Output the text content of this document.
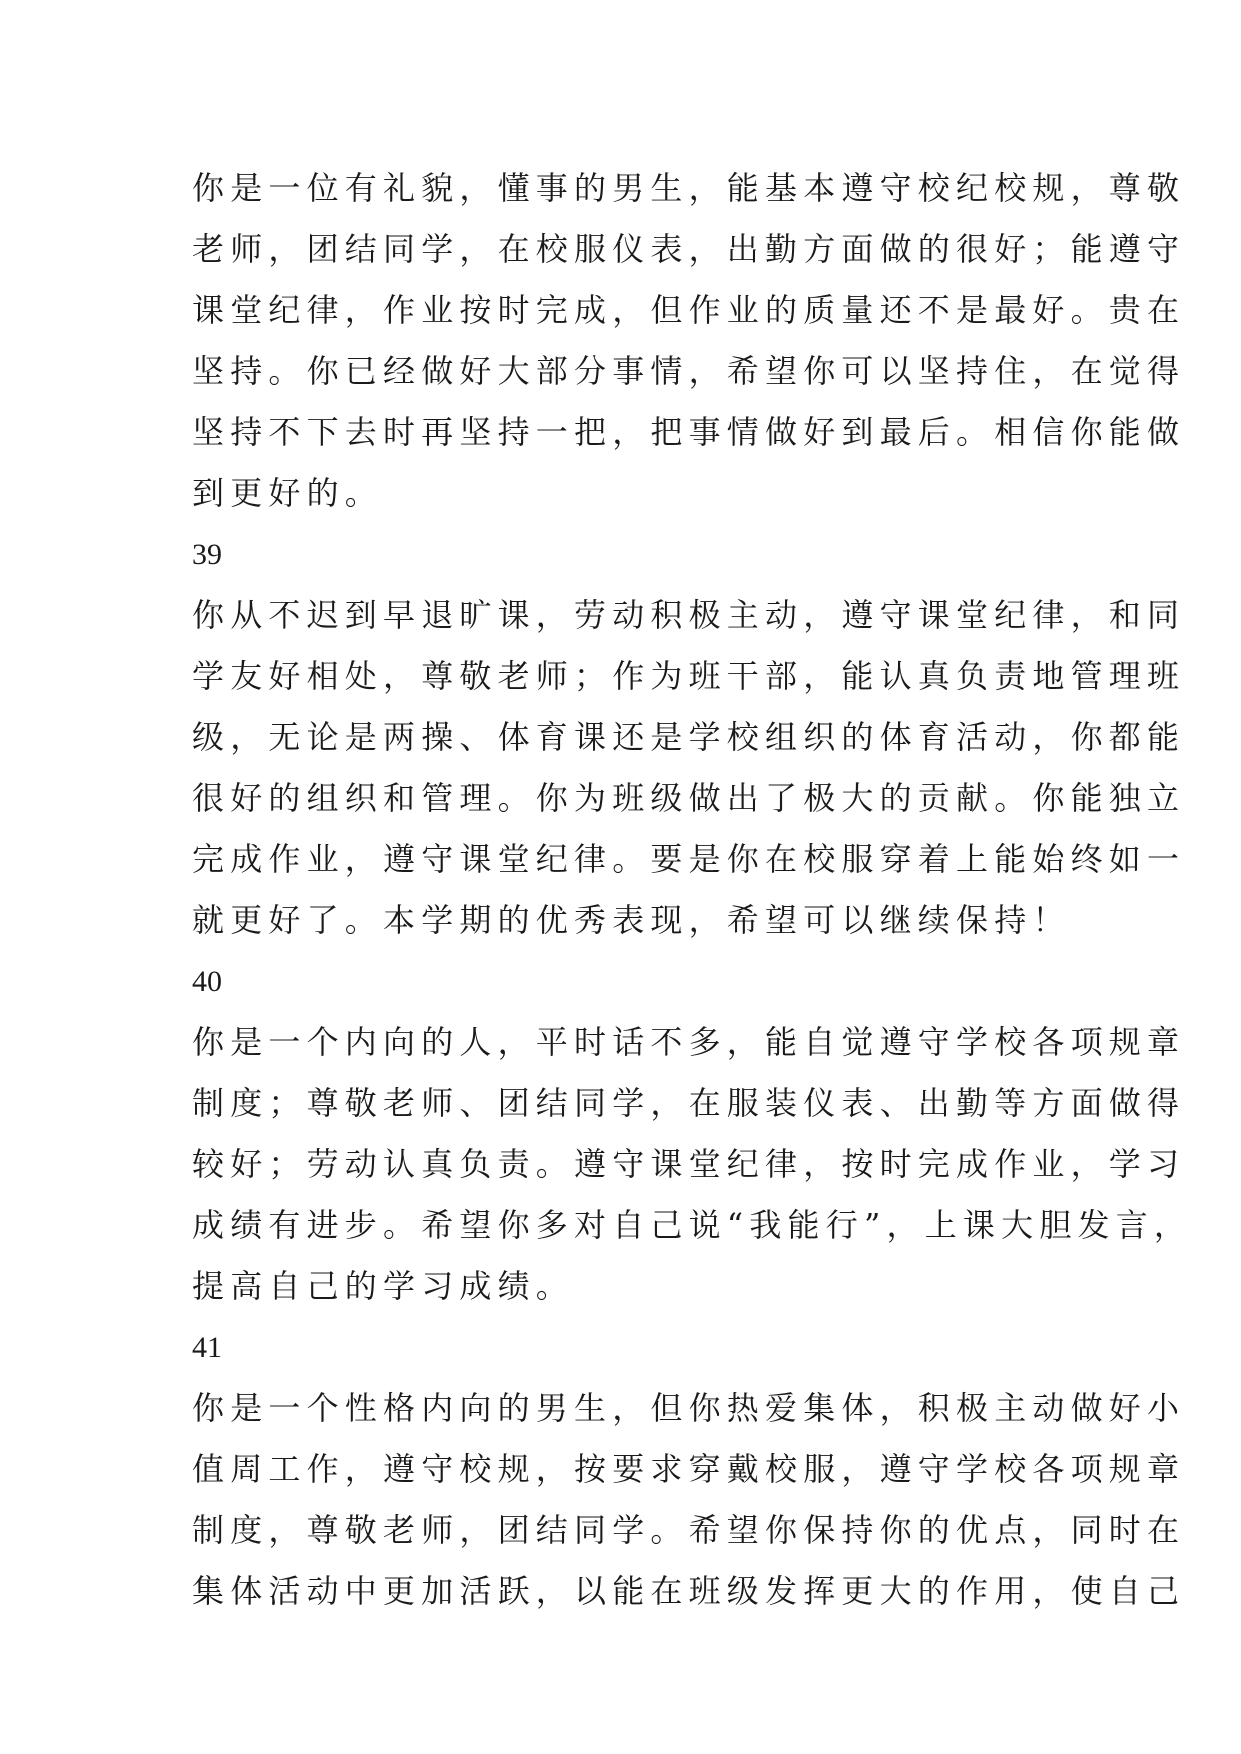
你是一位有礼貌，懂事的男生，能基本遵守校纪校规，尊敬
老师，团结同学，在校服仪表，出勤方面做的很好；能遵守
课堂纪律，作业按时完成，但作业的质量还不是最好。贵在
坚持。你已经做好大部分事情，希望你可以坚持住，在觉得
坚持不下去时再坚持一把，把事情做好到最后。相信你能做
到更好的。
39
你从不迟到早退旷课，劳动积极主动，遵守课堂纪律，和同
学友好相处，尊敬老师；作为班干部，能认真负责地管理班
级，无论是两操、体育课还是学校组织的体育活动，你都能
很好的组织和管理。你为班级做出了极大的贡献。你能独立
完成作业，遵守课堂纪律。要是你在校服穿着上能始终如一
就更好了。本学期的优秀表现，希望可以继续保持！
40
你是一个内向的人，平时话不多，能自觉遵守学校各项规章
制度；尊敬老师、团结同学，在服装仪表、出勤等方面做得
较好；劳动认真负责。遵守课堂纪律，按时完成作业，学习
成绩有进步。希望你多对自己说“我能行”，上课大胆发言，
提高自己的学习成绩。
41
你是一个性格内向的男生，但你热爱集体，积极主动做好小
值周工作，遵守校规，按要求穿戴校服，遵守学校各项规章
制度，尊敬老师，团结同学。希望你保持你的优点，同时在
集体活动中更加活跃，以能在班级发挥更大的作用，使自己
